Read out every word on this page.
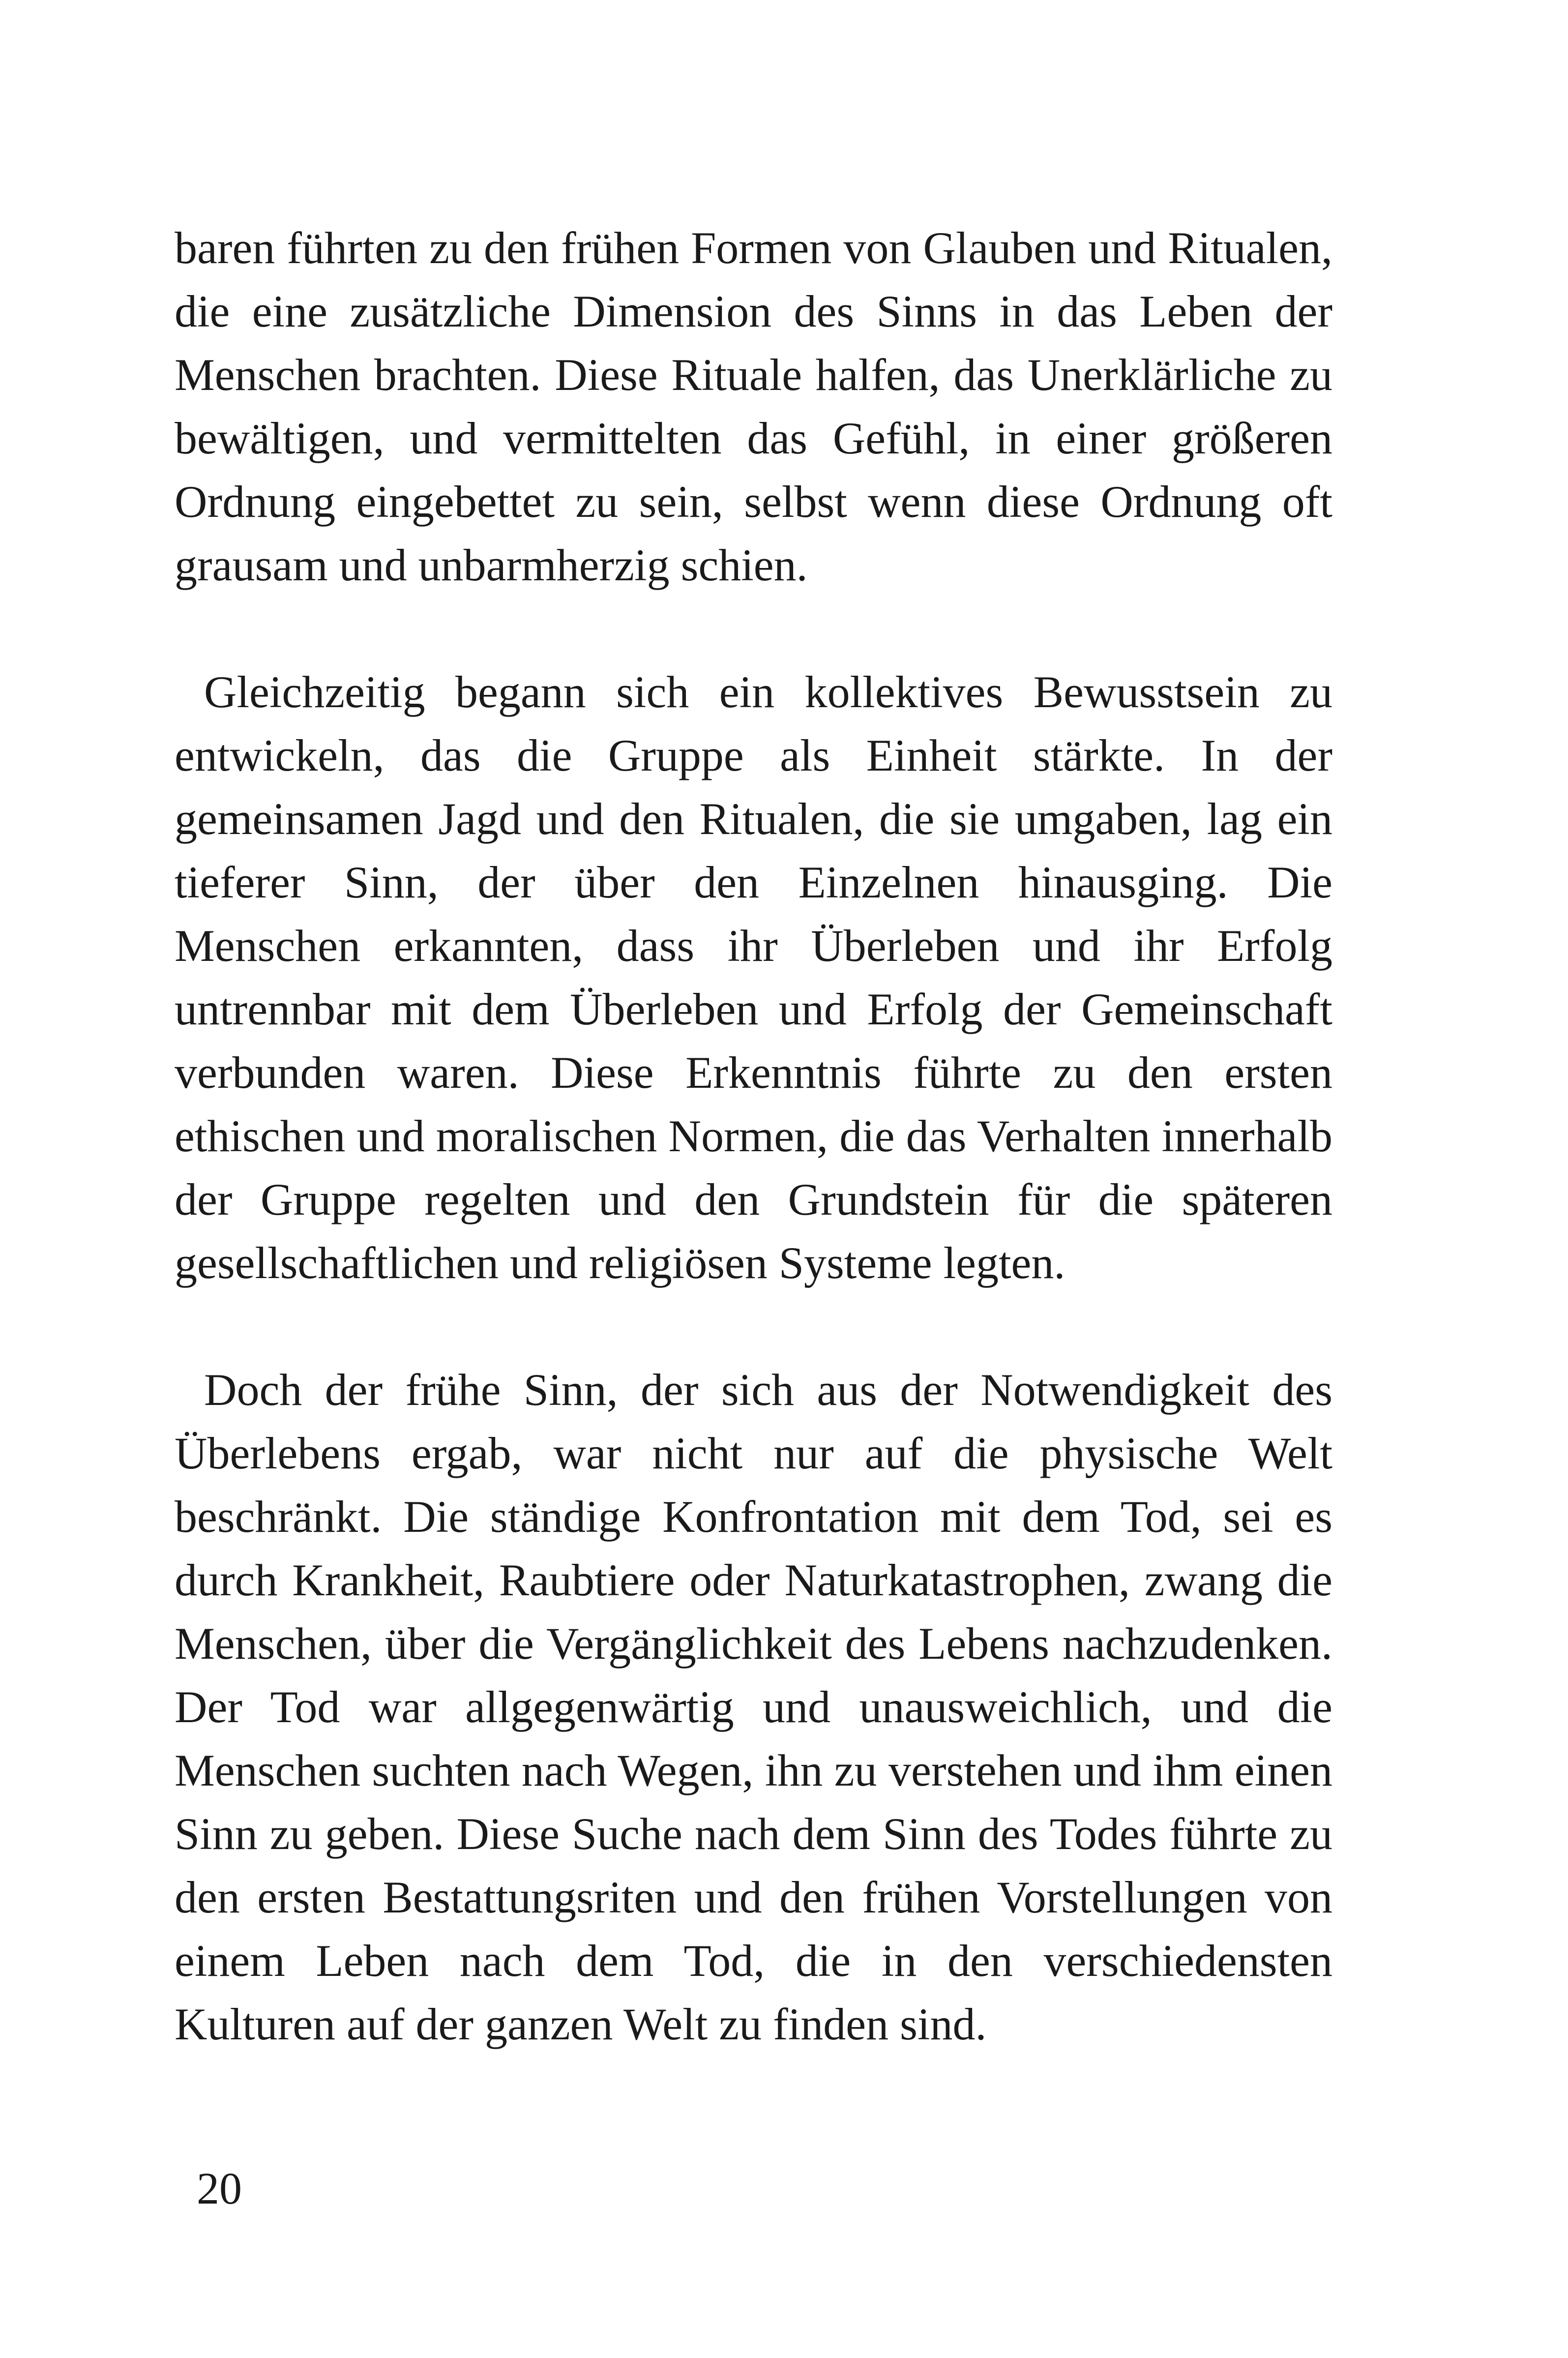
baren führten zu den frühen Formen von Glauben und Ritualen, die eine zusätzliche Dimension des Sinns in das Leben der Menschen brachten. Diese Rituale halfen, das Unerklärliche zu bewältigen, und vermittelten das Gefühl, in einer größeren Ordnung eingebettet zu sein, selbst wenn diese Ordnung oft grausam und unbarmherzig schien.

Gleichzeitig begann sich ein kollektives Bewusstsein zu entwickeln, das die Gruppe als Einheit stärkte. In der gemeinsamen Jagd und den Ritualen, die sie umgaben, lag ein tieferer Sinn, der über den Einzelnen hinausging. Die Menschen erkannten, dass ihr Überleben und ihr Erfolg untrennbar mit dem Überleben und Erfolg der Gemeinschaft verbunden waren. Diese Erkenntnis führte zu den ersten ethischen und moralischen Normen, die das Verhalten innerhalb der Gruppe regelten und den Grundstein für die späteren gesellschaftlichen und religiösen Systeme legten.

Doch der frühe Sinn, der sich aus der Notwendigkeit des Überlebens ergab, war nicht nur auf die physische Welt beschränkt. Die ständige Konfrontation mit dem Tod, sei es durch Krankheit, Raubtiere oder Naturkatastrophen, zwang die Menschen, über die Vergänglichkeit des Lebens nachzudenken. Der Tod war allgegenwärtig und unausweichlich, und die Menschen suchten nach Wegen, ihn zu verstehen und ihm einen Sinn zu geben. Diese Suche nach dem Sinn des Todes führte zu den ersten Bestattungsriten und den frühen Vorstellungen von einem Leben nach dem Tod, die in den verschiedensten Kulturen auf der ganzen Welt zu finden sind.

20
